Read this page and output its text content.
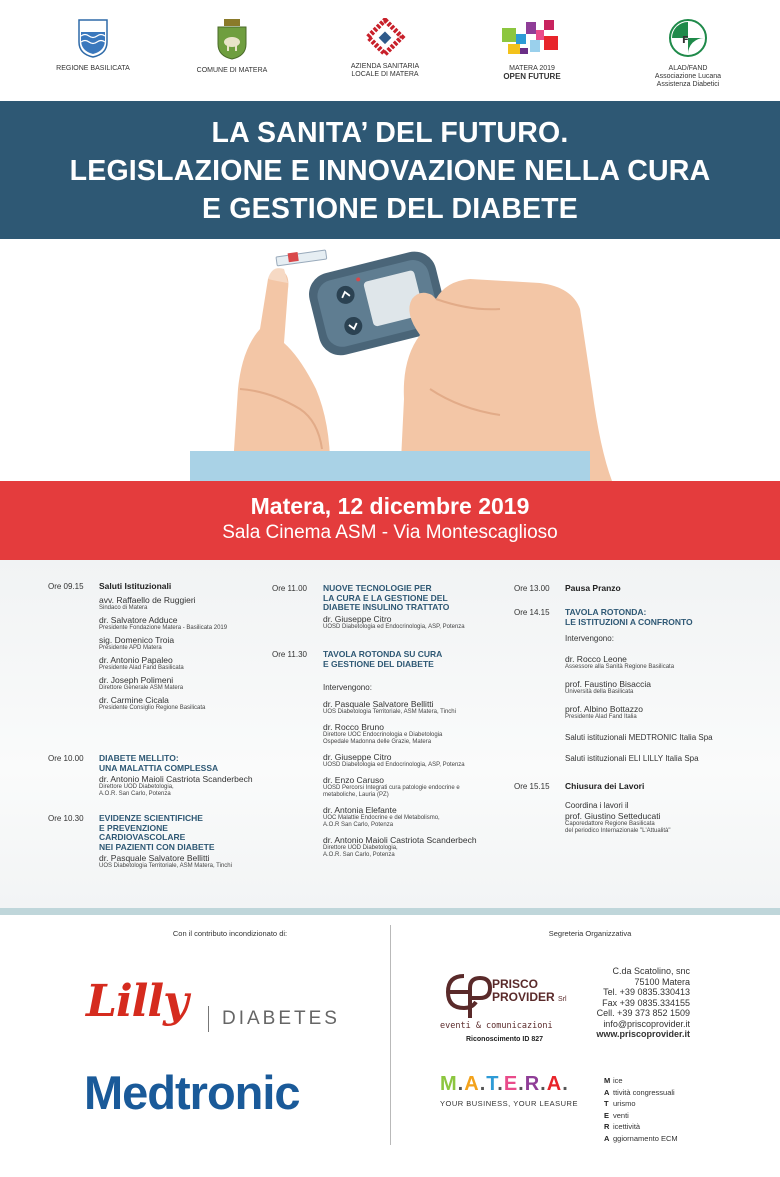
REGIONE BASILICATA	COMUNE DI MATERA
AZIENDA SANITARIA
LOCALE DI MATERA
MATERA 2019
OPEN FUTURE
F
ALAD/FAND
Associazione Lucana
Assistenza Diabetici
LA SANITA’ DEL FUTURO.
LEGISLAZIONE E INNOVAZIONE NELLA CURA
E GESTIONE DEL DIABETE
Matera, 12 dicembre 2019
Sala Cinema ASM - Via Montescaglioso
Ore 09.15	Saluti Istituzionali
avv. Raffaello de Ruggieri
Sindaco di Matera
dr. Salvatore Adduce
Presidente Fondazione Matera - Basilicata 2019
sig. Domenico Troia
Presidente APD Matera
dr. Antonio Papaleo
Presidente Alad Fand Basilicata
dr. Joseph Polimeni
Direttore Generale ASM Matera
dr. Carmine Cicala
Presidente Consiglio Regione Basilicata
Ore 10.00	DIABETE MELLITO:
UNA MALATTIA COMPLESSA
dr. Antonio Maioli Castriota Scanderbech
Direttore UOD Diabetologia,
A.O.R. San Carlo, Potenza
Ore 10.30	EVIDENZE SCIENTIFICHE
E PREVENZIONE
CARDIOVASCOLARE
NEI PAZIENTI CON DIABETE
dr. Pasquale Salvatore Bellitti
UOS Diabetologia Territoriale, ASM Matera, Tinchi
Ore 11.00	NUOVE TECNOLOGIE PER
LA CURA E LA GESTIONE DEL
DIABETE INSULINO TRATTATO
dr. Giuseppe Citro
UOSD Diabetologia ed Endocrinologia, ASP, Potenza
Ore 11.30	TAVOLA ROTONDA SU CURA
E GESTIONE DEL DIABETE
Intervengono:
dr. Pasquale Salvatore Bellitti
UOS Diabetologia Territoriale, ASM Matera, Tinchi
dr. Rocco Bruno
Direttore UOC Endocrinologia e Diabetologia
Ospedale Madonna delle Grazie, Matera
dr. Giuseppe Citro
UOSD Diabetologia ed Endocrinologia, ASP, Potenza
dr. Enzo Caruso
UOSD Percorsi Integrati cura patologie endocrine e
metaboliche, Lauria (PZ)
dr. Antonia Elefante
UOC Malattie Endocrine e del Metabolismo,
A.O.R San Carlo, Potenza
dr. Antonio Maioli Castriota Scanderbech
Direttore UOD Diabetologia,
A.O.R. San Carlo, Potenza
Ore 13.00	Pausa Pranzo
Ore 14.15	TAVOLA ROTONDA:
LE ISTITUZIONI A CONFRONTO
Intervengono:
dr. Rocco Leone
Assessore alla Sanità Regione Basilicata
prof. Faustino Bisaccia
Università della Basilicata
prof. Albino Bottazzo
Presidente Alad Fand Italia
Saluti istituzionali MEDTRONIC Italia Spa
Saluti istituzionali ELI LILLY Italia Spa
Ore 15.15	Chiusura dei Lavori
Coordina i lavori il
prof. Giustino Setteducati
Caporedattore Regione Basilicata
del periodico Internazionale "L'Attualità"
Con il contributo incondizionato di:
Lilly DIABETES
Medtronic
Segreteria Organizzativa
PRISCO
PROVIDER Srl
eventi & comunicazioni
Riconoscimento ID 827
C.da Scatolino, snc
75100 Matera
Tel. +39 0835.330413
Fax +39 0835.334155
Cell. +39 373 852 1509
info@priscoprovider.it
www.priscoprovider.it
M.A.T.E.R.A.
YOUR BUSINESS, YOUR LEASURE
M ice
A ttività congressuali
T urismo
E venti
R icettività
A ggiornamento ECM
